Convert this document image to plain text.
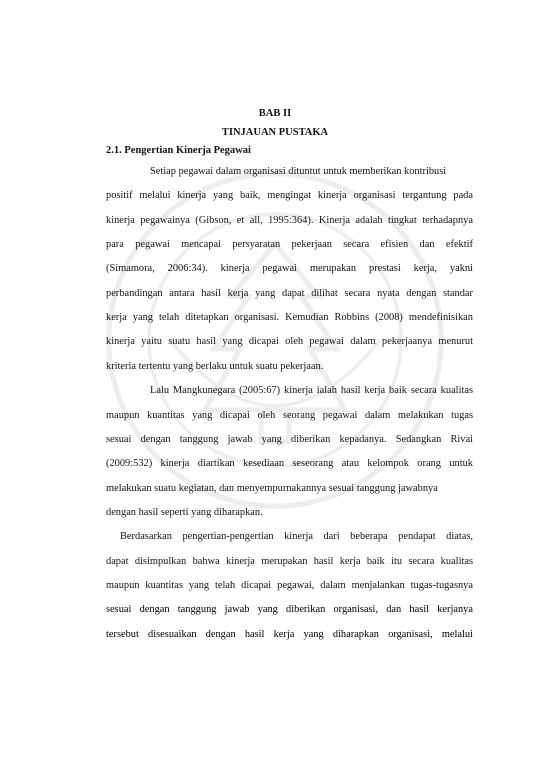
BAB II
TINJAUAN PUSTAKA
2.1. Pengertian Kinerja Pegawai
Setiap pegawai dalam organisasi dituntut untuk memberikan kontribusi
positif melalui kinerja yang baik, mengingat kinerja organisasi tergantung pada
kinerja pegawainya (Gibson, et all, 1995:364). Kinerja adalah tingkat terhadapnya
para pegawai mencapai persyaratan pekerjaan secara efisien dan efektif
(Simamora, 2006:34). kinerja pegawai merupakan prestasi kerja, yakni
perbandingan antara hasil kerja yang dapat dilihat secara nyata dengan standar
kerja yang telah ditetapkan organisasi. Kemudian Robbins (2008) mendefinisikan
kinerja yaitu suatu hasil yang dicapai oleh pegawai dalam pekerjaanya menurut
kriteria tertentu yang berlaku untuk suatu pekerjaan.
Lalu Mangkunegara (2005:67) kinerja ialah hasil kerja baik secara kualitas
maupun kuantitas yang dicapai oleh seorang pegawai dalam melakukan tugas
sesuai dengan tanggung jawab yang diberikan kepadanya. Sedangkan Rivai
(2009:532) kinerja diartikan kesediaan seseorang atau kelompok orang untuk
melakukan suatu kegiatan, dan menyempurnakannya sesuai tanggung jawabnya
dengan hasil seperti yang diharapkan.
Berdasarkan pengertian-pengertian kinerja dari beberapa pendapat diatas,
dapat disimpulkan bahwa kinerja merupakan hasil kerja baik itu secara kualitas
maupun kuantitas yang telah dicapai pegawai, dalam menjalankan tugas-tugasnya
sesuai dengan tanggung jawab yang diberikan organisasi, dan hasil kerjanya
tersebut disesuaikan dengan hasil kerja yang diharapkan organisasi, melalui
